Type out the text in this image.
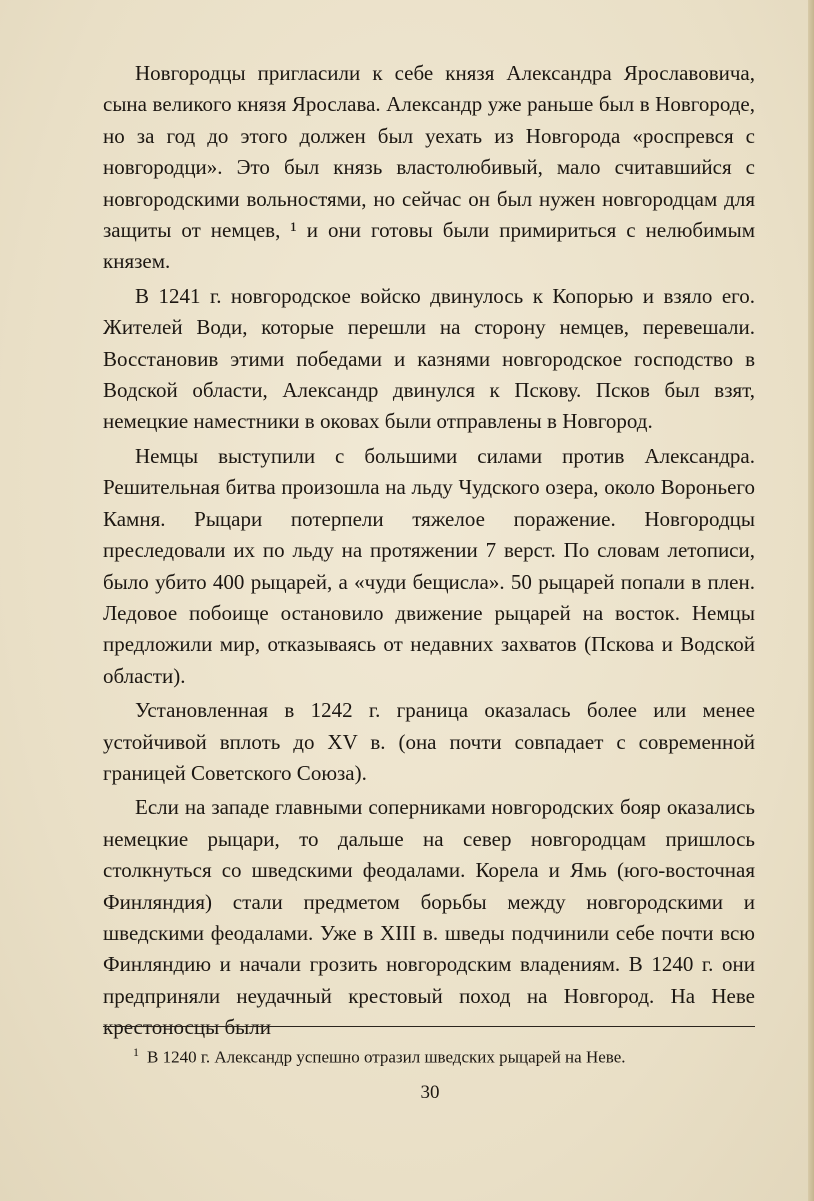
Новгородцы пригласили к себе князя Александра Ярославовича, сына великого князя Ярослава. Александр уже раньше был в Новгороде, но за год до этого должен был уехать из Новгорода «роспревся с новгородци». Это был князь властолюбивый, мало считавшийся с новгородскими вольностями, но сейчас он был нужен новгородцам для защиты от немцев, ¹ и они готовы были примириться с нелюбимым князем.

В 1241 г. новгородское войско двинулось к Копорью и взяло его. Жителей Води, которые перешли на сторону немцев, перевешали. Восстановив этими победами и казнями новгородское господство в Водской области, Александр двинулся к Пскову. Псков был взят, немецкие наместники в оковах были отправлены в Новгород.

Немцы выступили с большими силами против Александра. Решительная битва произошла на льду Чудского озера, около Вороньего Камня. Рыцари потерпели тяжелое поражение. Новгородцы преследовали их по льду на протяжении 7 верст. По словам летописи, было убито 400 рыцарей, а «чуди бещисла». 50 рыцарей попали в плен. Ледовое побоище остановило движение рыцарей на восток. Немцы предложили мир, отказываясь от недавних захватов (Пскова и Водской области).

Установленная в 1242 г. граница оказалась более или менее устойчивой вплоть до XV в. (она почти совпадает с современной границей Советского Союза).

Если на западе главными соперниками новгородских бояр оказались немецкие рыцари, то дальше на север новгородцам пришлось столкнуться со шведскими феодалами. Корела и Ямь (юго-восточная Финляндия) стали предметом борьбы между новгородскими и шведскими феодалами. Уже в XIII в. шведы подчинили себе почти всю Финляндию и начали грозить новгородским владениям. В 1240 г. они предприняли неудачный крестовый поход на Новгород. На Неве крестоносцы были

$^1$ В 1240 г. Александр успешно отразил шведских рыцарей на Неве.
30
